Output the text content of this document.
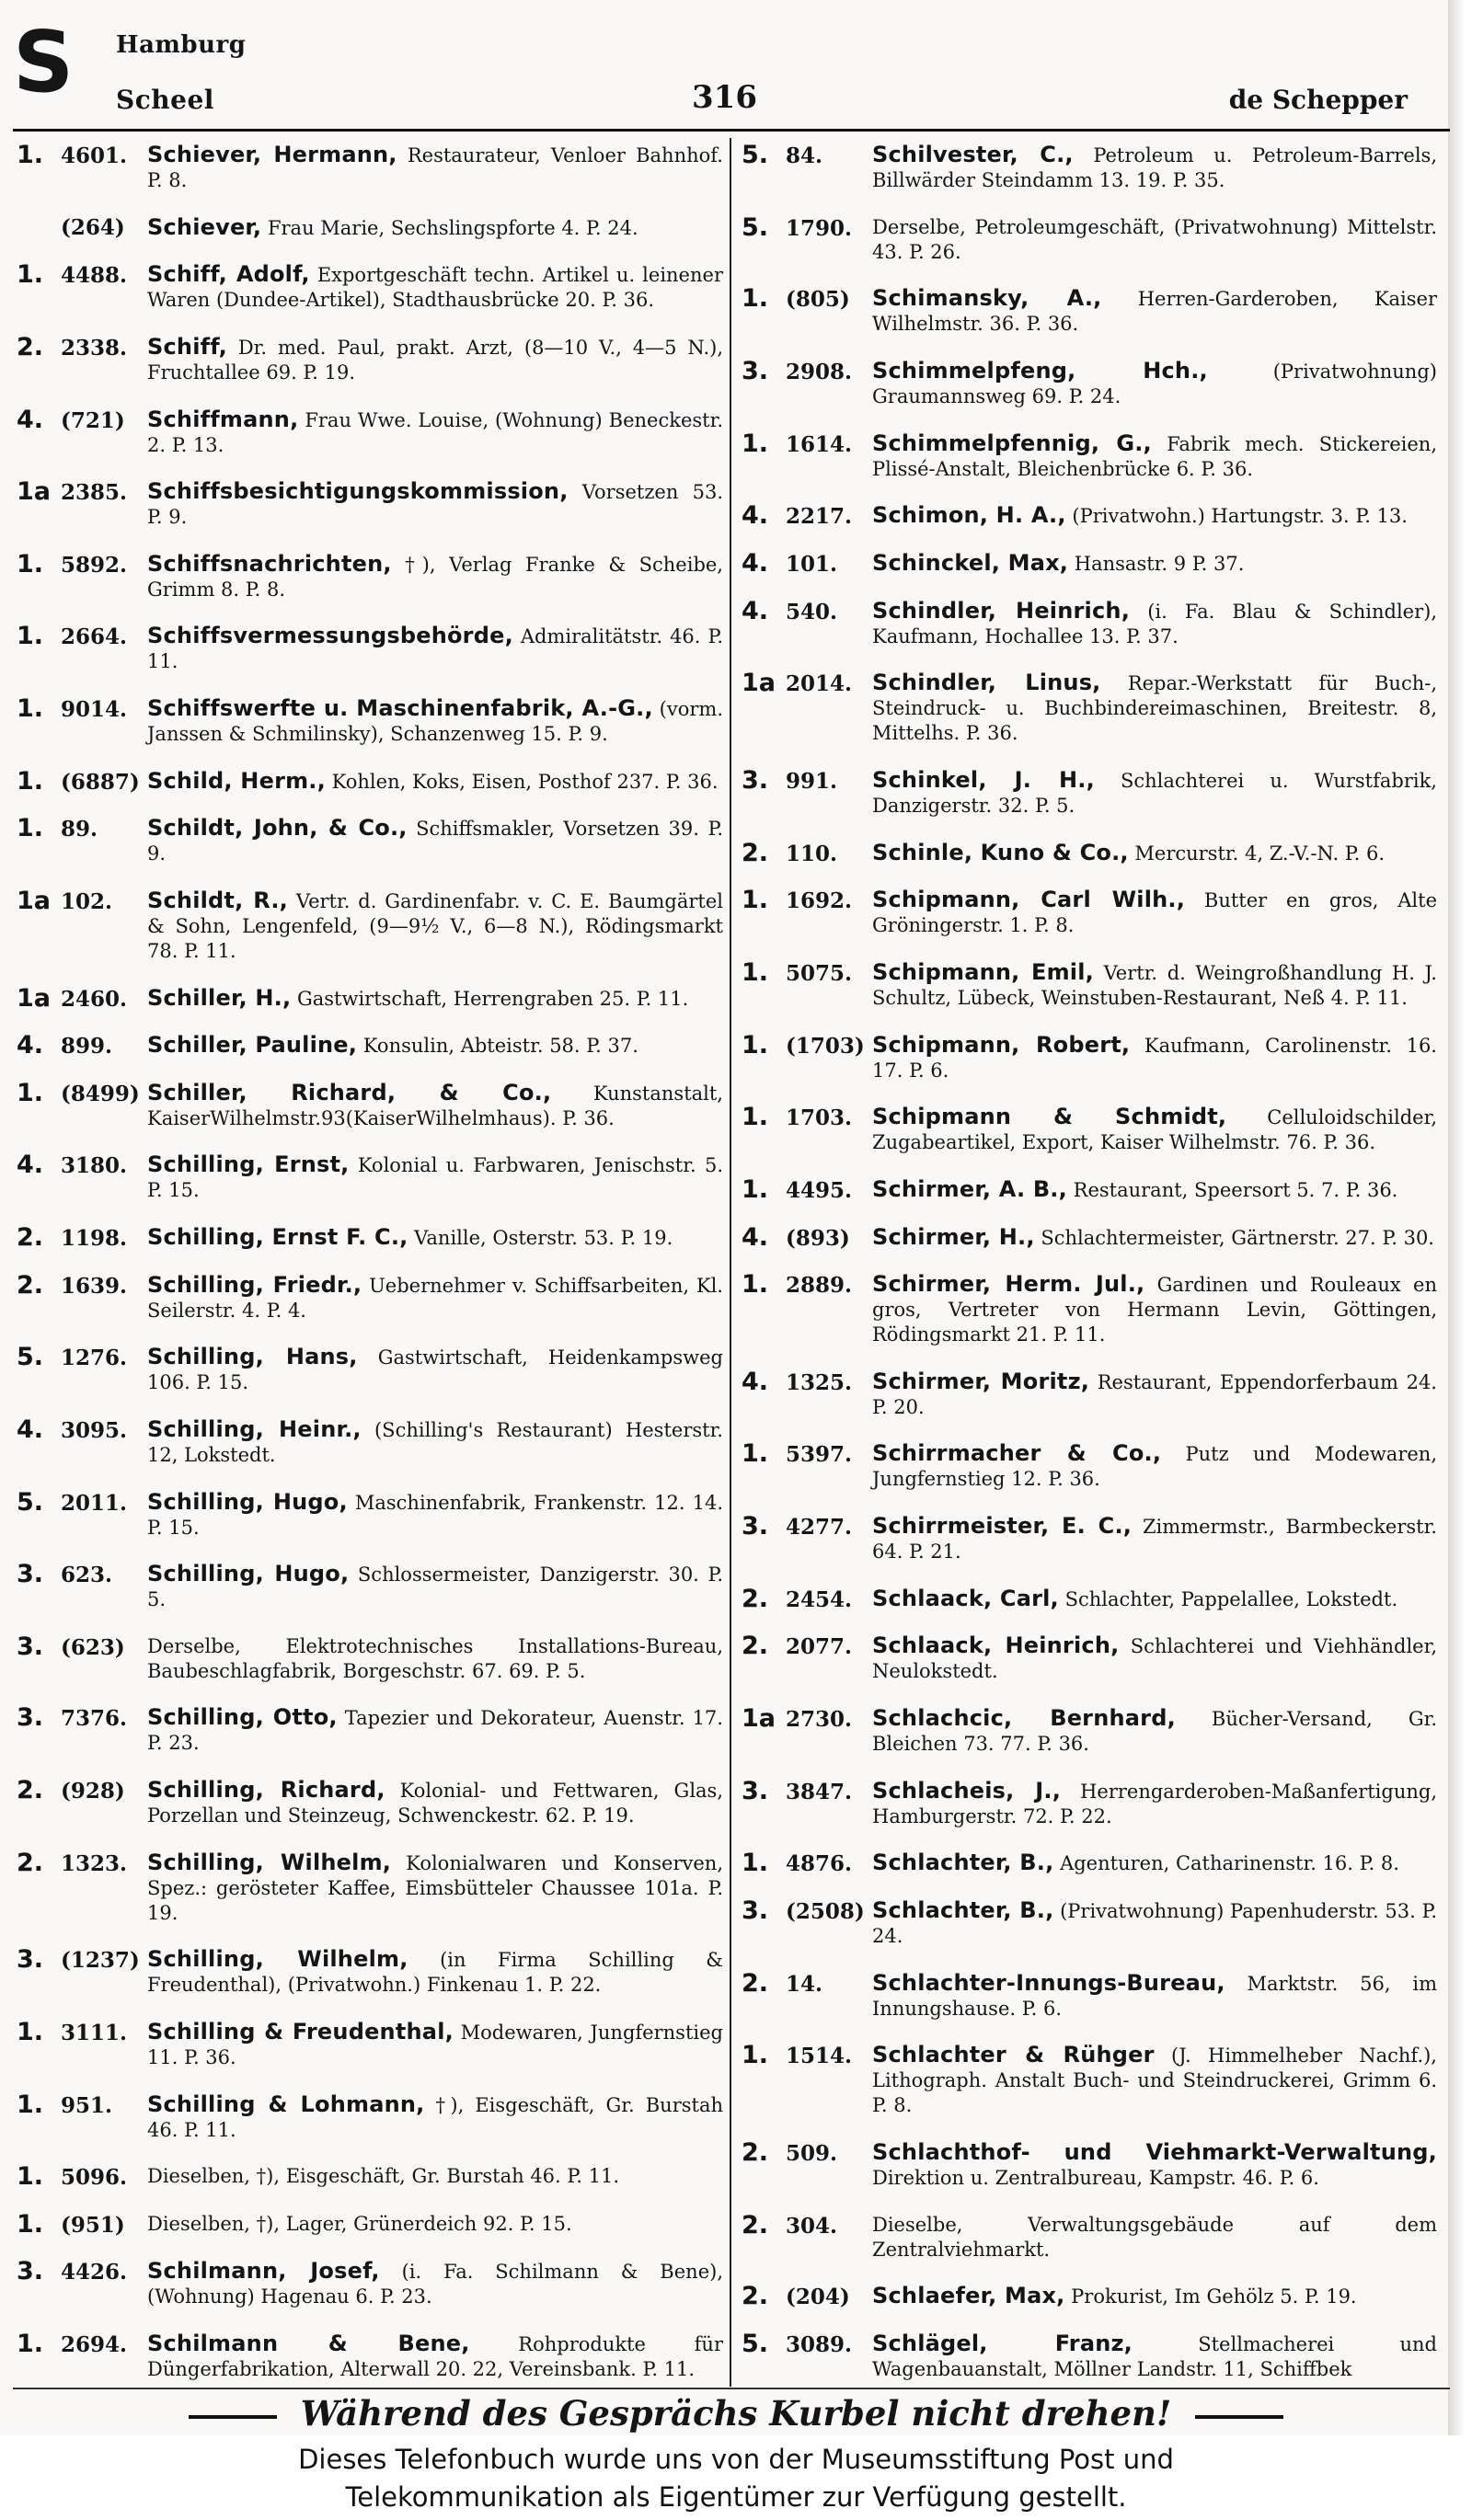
S Hamburg
Scheel	316	de Schepper
1. 4601. Schiever, Hermann, Restaurateur, Venloer Bahnhof. P. 8.
(264)	Schiever, Frau Marie, Sechslingspforte 4. P. 24.
1. 4488. Schiff, Adolf, Exportgeschäft techn. Artikel u. leinener Waren (Dundee-Artikel), Stadthausbrücke 20. P. 36.
2. 2338. Schiff, Dr. med. Paul, prakt. Arzt, (8—10 V., 4—5 N.), Fruchtallee 69. P. 19.
4. (721)	Schiffmann, Frau Wwe. Louise, (Wohnung) Beneckestr. 2. P. 13.
1a 2385. Schiffsbesichtigungskommission, Vorsetzen 53. P. 9.
1. 5892. Schiffsnachrichten, †), Verlag Franke & Scheibe, Grimm 8. P. 8.
1. 2664. Schiffsvermessungsbehörde, Admiralitätstr. 46. P. 11.
1. 9014. Schiffswerfte u. Maschinenfabrik, A.-G., (vorm. Janssen & Schmilinsky), Schanzenweg 15. P. 9.
1. (6887) Schild, Herm., Kohlen, Koks, Eisen, Posthof 237. P. 36.
1. 89.	Schildt, John, & Co., Schiffsmakler, Vorsetzen 39. P. 9.
1a 102.	Schildt, R., Vertr. d. Gardinenfabr. v. C. E. Baumgärtel & Sohn, Lengenfeld, (9—9½ V., 6—8 N.), Rödingsmarkt 78. P. 11.
1a 2460. Schiller, H., Gastwirtschaft, Herrengraben 25. P. 11.
4. 899.	Schiller, Pauline, Konsulin, Abteistr. 58. P. 37.
1. (8499) Schiller, Richard, & Co., Kunstanstalt, KaiserWilhelmstr.93(KaiserWilhelmhaus). P. 36.
4. 3180. Schilling, Ernst, Kolonial u. Farbwaren, Jenischstr. 5. P. 15.
2. 1198. Schilling, Ernst F. C., Vanille, Osterstr. 53. P. 19.
2. 1639. Schilling, Friedr., Uebernehmer v. Schiffsarbeiten, Kl. Seilerstr. 4. P. 4.
5. 1276. Schilling, Hans, Gastwirtschaft, Heidenkampsweg 106. P. 15.
4. 3095. Schilling, Heinr., (Schilling's Restaurant) Hesterstr. 12, Lokstedt.
5. 2011. Schilling, Hugo, Maschinenfabrik, Frankenstr. 12. 14. P. 15.
3. 623.	Schilling, Hugo, Schlossermeister, Danzigerstr. 30. P. 5.
3. (623)	Derselbe, Elektrotechnisches Installations-Bureau, Baubeschlagfabrik, Borgeschstr. 67. 69. P. 5.
3. 7376. Schilling, Otto, Tapezier und Dekorateur, Auenstr. 17. P. 23.
2. (928)	Schilling, Richard, Kolonial- und Fettwaren, Glas, Porzellan und Steinzeug, Schwenckestr. 62. P. 19.
2. 1323. Schilling, Wilhelm, Kolonialwaren und Konserven, Spez.: gerösteter Kaffee, Eimsbütteler Chaussee 101a. P. 19.
3. (1237) Schilling, Wilhelm, (in Firma Schilling & Freudenthal), (Privatwohn.) Finkenau 1. P. 22.
1. 3111. Schilling & Freudenthal, Modewaren, Jungfernstieg 11. P. 36.
1. 951.	Schilling & Lohmann, †), Eisgeschäft, Gr. Burstah 46. P. 11.
1. 5096.	Dieselben, †), Eisgeschäft, Gr. Burstah 46. P. 11.
1. (951)	Dieselben, †), Lager, Grünerdeich 92. P. 15.
3. 4426. Schilmann, Josef, (i. Fa. Schilmann & Bene), (Wohnung) Hagenau 6. P. 23.
1. 2694. Schilmann & Bene,	Rohprodukte für Düngerfabrikation, Alterwall 20. 22, Vereinsbank. P. 11.
5. 84.	Schilvester, C., Petroleum u. Petroleum-Barrels, Billwärder Steindamm 13. 19. P. 35.
5. 1790.	Derselbe, Petroleumgeschäft, (Privatwohnung) Mittelstr. 43. P. 26.
1. (805)	Schimansky, A., Herren-Garderoben, Kaiser Wilhelmstr. 36. P. 36.
3. 2908. Schimmelpfeng, Hch.,	(Privatwohnung) Graumannsweg 69. P. 24.
1. 1614. Schimmelpfennig, G., Fabrik mech. Stickereien, Plissé-Anstalt, Bleichenbrücke 6. P. 36.
4. 2217. Schimon, H. A., (Privatwohn.) Hartungstr. 3. P. 13.
4. 101.	Schinckel, Max, Hansastr. 9 P. 37.
4. 540.	Schindler, Heinrich, (i. Fa. Blau & Schindler), Kaufmann, Hochallee 13. P. 37.
1a 2014. Schindler, Linus, Repar.-Werkstatt für Buch-, Steindruck- u. Buchbindereimaschinen, Breitestr. 8, Mittelhs. P. 36.
3. 991.	Schinkel, J. H., Schlachterei u. Wurstfabrik, Danzigerstr. 32. P. 5.
2. 110.	Schinle, Kuno & Co., Mercurstr. 4, Z.-V.-N. P. 6.
1. 1692. Schipmann, Carl Wilh., Butter en gros, Alte Gröningerstr. 1. P. 8.
1. 5075. Schipmann, Emil, Vertr. d. Weingroßhandlung H. J. Schultz, Lübeck, Weinstuben-Restaurant, Neß 4. P. 11.
1. (1703) Schipmann, Robert, Kaufmann, Carolinenstr. 16. 17. P. 6.
1. 1703. Schipmann & Schmidt, Celluloidschilder, Zugabeartikel, Export, Kaiser Wilhelmstr. 76. P. 36.
1. 4495. Schirmer, A. B., Restaurant, Speersort 5. 7. P. 36.
4. (893)	Schirmer, H., Schlachtermeister, Gärtnerstr. 27. P. 30.
1. 2889. Schirmer, Herm. Jul., Gardinen und Rouleaux en gros, Vertreter von Hermann Levin, Göttingen, Rödingsmarkt 21. P. 11.
4. 1325. Schirmer, Moritz, Restaurant, Eppendorferbaum 24. P. 20.
1. 5397. Schirrmacher & Co., Putz und Modewaren, Jungfernstieg 12. P. 36.
3. 4277. Schirrmeister, E. C., Zimmermstr., Barmbeckerstr. 64. P. 21.
2. 2454. Schlaack, Carl, Schlachter, Pappelallee, Lokstedt.
2. 2077. Schlaack, Heinrich, Schlachterei und Viehhändler, Neulokstedt.
1a 2730. Schlachcic, Bernhard, Bücher-Versand, Gr. Bleichen 73. 77. P. 36.
3. 3847. Schlacheis, J., Herrengarderoben-Maßanfertigung, Hamburgerstr. 72. P. 22.
1. 4876. Schlachter, B., Agenturen, Catharinenstr. 16. P. 8.
3. (2508) Schlachter, B., (Privatwohnung) Papenhuderstr. 53. P. 24.
2. 14.	Schlachter-Innungs-Bureau, Marktstr. 56, im Innungshause. P. 6.
1. 1514. Schlachter & Rühger (J. Himmelheber Nachf.), Lithograph. Anstalt Buch- und Steindruckerei, Grimm 6. P. 8.
2. 509.	Schlachthof- und Viehmarkt-Verwaltung, Direktion u. Zentralbureau, Kampstr. 46. P. 6.
2. 304.	Dieselbe, Verwaltungsgebäude auf dem Zentralviehmarkt.
2. (204)	Schlaefer, Max, Prokurist, Im Gehölz 5. P. 19.
5. 3089. Schlägel, Franz,	Stellmacherei und Wagenbauanstalt, Möllner Landstr. 11, Schiffbek
Während des Gesprächs Kurbel nicht drehen!
Dieses Telefonbuch wurde uns von der Museumsstiftung Post und
Telekommunikation als Eigentümer zur Verfügung gestellt.
